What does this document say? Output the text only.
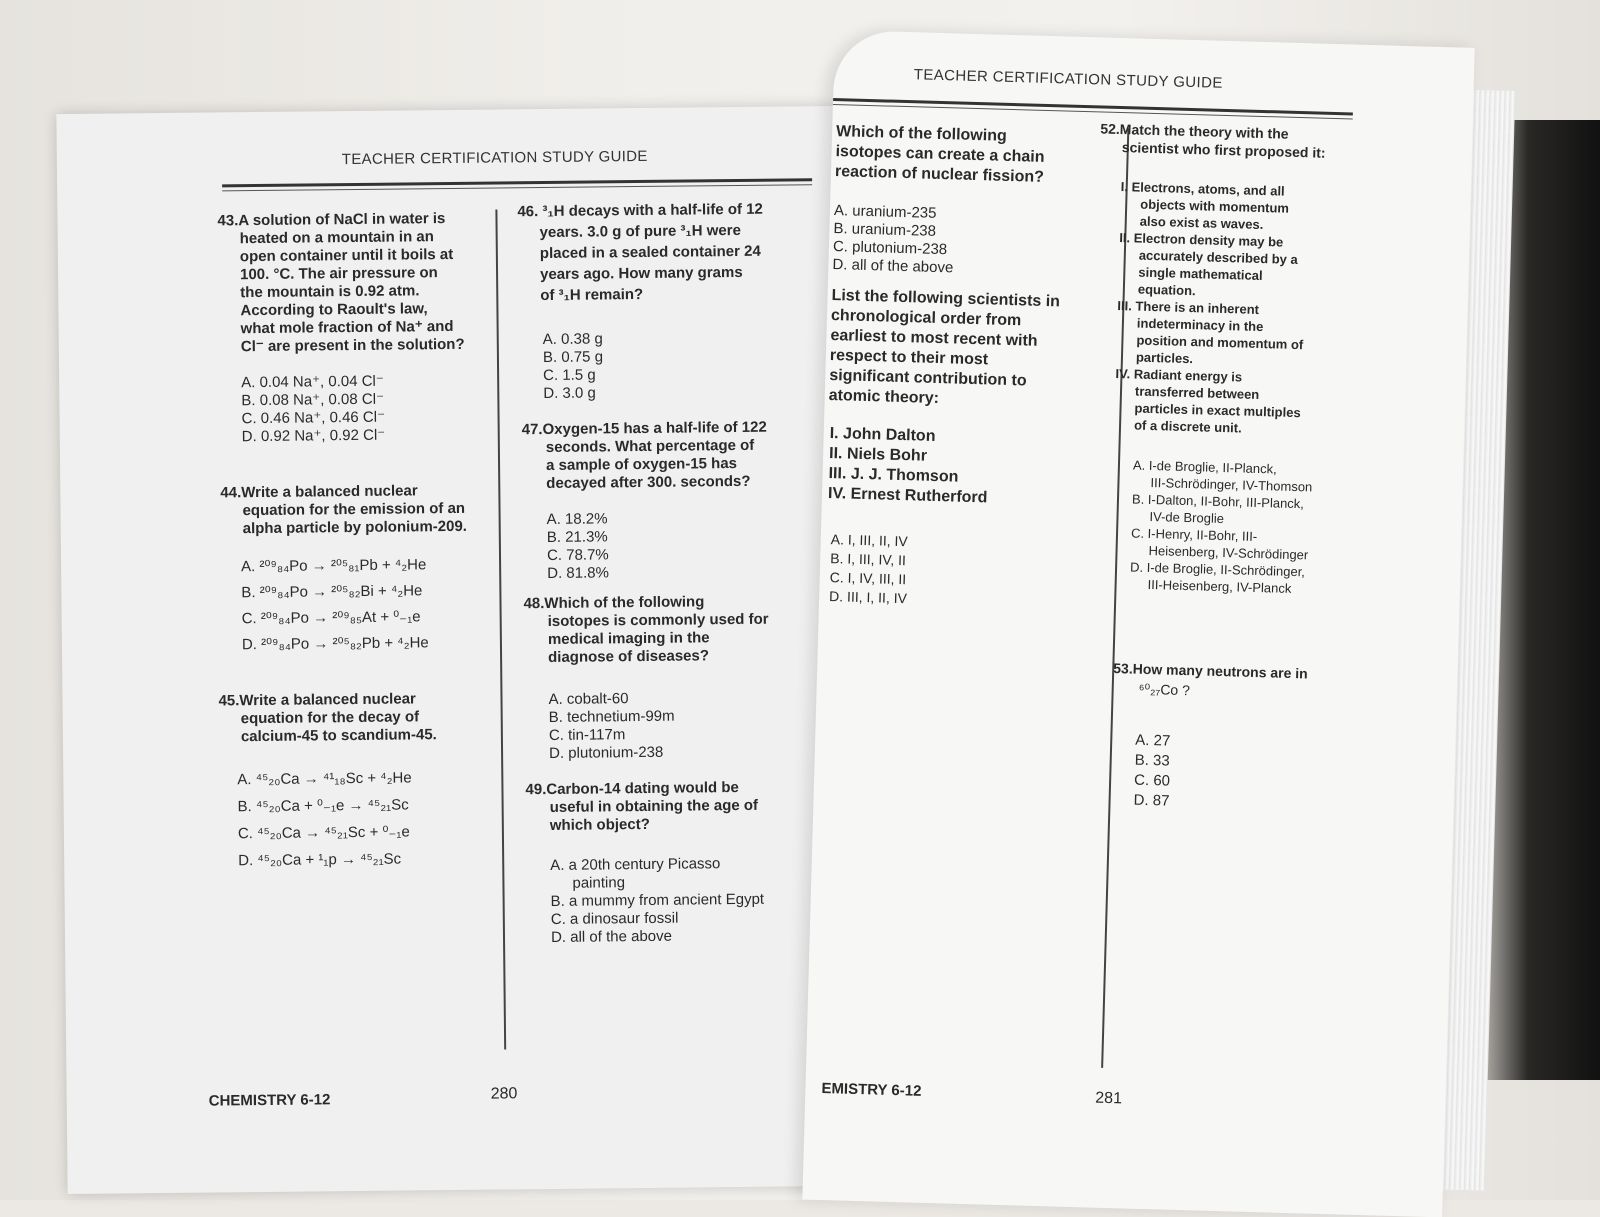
TEACHER CERTIFICATION STUDY GUIDE
43.A solution of NaCl in water is
heated on a mountain in an
open container until it boils at
100. °C. The air pressure on
the mountain is 0.92 atm.
According to Raoult's law,
what mole fraction of Na⁺ and
Cl⁻ are present in the solution?
A. 0.04 Na⁺, 0.04 Cl⁻
B. 0.08 Na⁺, 0.08 Cl⁻
C. 0.46 Na⁺, 0.46 Cl⁻
D. 0.92 Na⁺, 0.92 Cl⁻
44.Write a balanced nuclear
equation for the emission of an
alpha particle by polonium-209.
A. ²⁰⁹₈₄Po → ²⁰⁵₈₁Pb + ⁴₂He
B. ²⁰⁹₈₄Po → ²⁰⁵₈₂Bi + ⁴₂He
C. ²⁰⁹₈₄Po → ²⁰⁹₈₅At + ⁰₋₁e
D. ²⁰⁹₈₄Po → ²⁰⁵₈₂Pb + ⁴₂He
45.Write a balanced nuclear
equation for the decay of
calcium-45 to scandium-45.
A. ⁴⁵₂₀Ca → ⁴¹₁₈Sc + ⁴₂He
B. ⁴⁵₂₀Ca + ⁰₋₁e → ⁴⁵₂₁Sc
C. ⁴⁵₂₀Ca → ⁴⁵₂₁Sc + ⁰₋₁e
D. ⁴⁵₂₀Ca + ¹₁p → ⁴⁵₂₁Sc
46. ³₁H decays with a half-life of 12
years. 3.0 g of pure ³₁H were
placed in a sealed container 24
years ago. How many grams
of ³₁H remain?
A. 0.38 g
B. 0.75 g
C. 1.5 g
D. 3.0 g
47.Oxygen-15 has a half-life of 122
seconds. What percentage of
a sample of oxygen-15 has
decayed after 300. seconds?
A. 18.2%
B. 21.3%
C. 78.7%
D. 81.8%
48.Which of the following
isotopes is commonly used for
medical imaging in the
diagnose of diseases?
A. cobalt-60
B. technetium-99m
C. tin-117m
D. plutonium-238
49.Carbon-14 dating would be
useful in obtaining the age of
which object?
A. a 20th century Picasso
painting
B. a mummy from ancient Egypt
C. a dinosaur fossil
D. all of the above
CHEMISTRY 6-12	280
TEACHER CERTIFICATION STUDY GUIDE
Which of the following
isotopes can create a chain
reaction of nuclear fission?
A. uranium-235
B. uranium-238
C. plutonium-238
D. all of the above
List the following scientists in
chronological order from
earliest to most recent with
respect to their most
significant contribution to
atomic theory:
I. John Dalton
II. Niels Bohr
III. J. J. Thomson
IV. Ernest Rutherford
A. I, III, II, IV
B. I, III, IV, II
C. I, IV, III, II
D. III, I, II, IV
52.Match the theory with the
scientist who first proposed it:
I. Electrons, atoms, and all
objects with momentum
also exist as waves.
II. Electron density may be
accurately described by a
single mathematical
equation.
III. There is an inherent
indeterminacy in the
position and momentum of
particles.
IV. Radiant energy is
transferred between
particles in exact multiples
of a discrete unit.
A. I-de Broglie, II-Planck,
III-Schrödinger, IV-Thomson
B. I-Dalton, II-Bohr, III-Planck,
IV-de Broglie
C. I-Henry, II-Bohr, III-
Heisenberg, IV-Schrödinger
D. I-de Broglie, II-Schrödinger,
III-Heisenberg, IV-Planck
53.How many neutrons are in
⁶⁰₂₇Co ?
A. 27
B. 33
C. 60
D. 87
EMISTRY 6-12	281
